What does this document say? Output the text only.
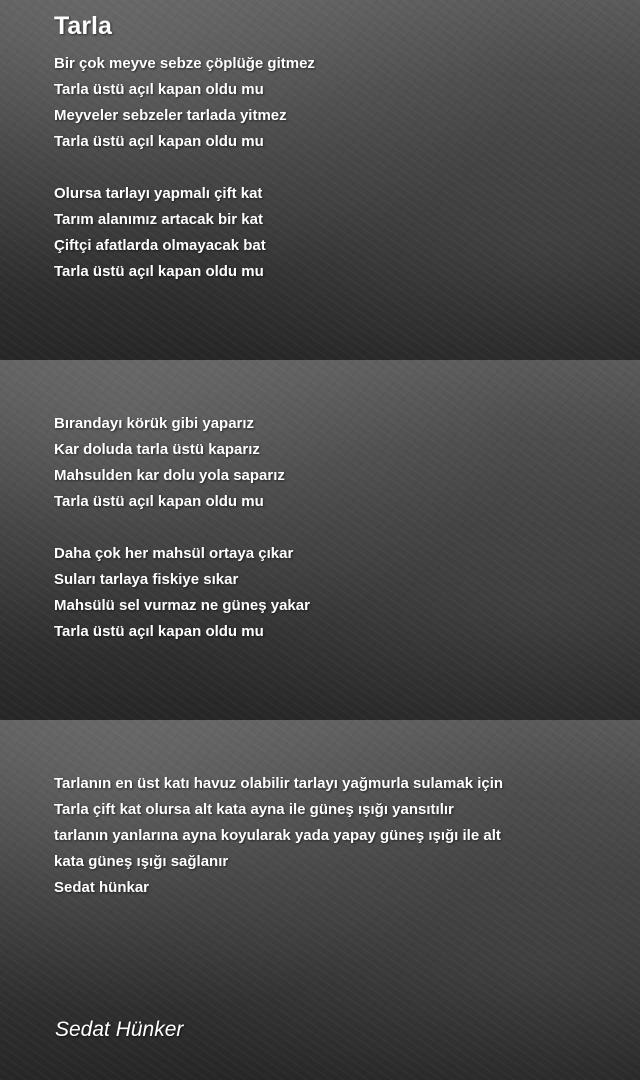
Tarla

Bir çok meyve sebze çöplüğe gitmez
Tarla üstü açıl kapan oldu mu
Meyveler sebzeler tarlada yitmez
Tarla üstü açıl kapan oldu mu

Olursa tarlayı yapmalı çift kat
Tarım alanımız artacak bir kat
Çiftçi afatlarda olmayacak bat
Tarla üstü açıl kapan oldu mu

Bırandayı körük gibi yaparız
Kar doluda tarla üstü kaparız
Mahsulden kar dolu yola saparız
Tarla üstü açıl kapan oldu mu

Daha çok her mahsül ortaya çıkar
Suları tarlaya fiskiye sıkar
Mahsülü sel vurmaz ne güneş yakar
Tarla üstü açıl kapan oldu mu

Tarlanın en üst katı havuz olabilir tarlayı yağmurla sulamak için
Tarla çift kat olursa alt kata ayna ile güneş ışığı yansıtılır
tarlanın yanlarına ayna koyularak yada yapay güneş ışığı ile alt
kata güneş ışığı sağlanır
Sedat hünkar

Sedat Hünker
